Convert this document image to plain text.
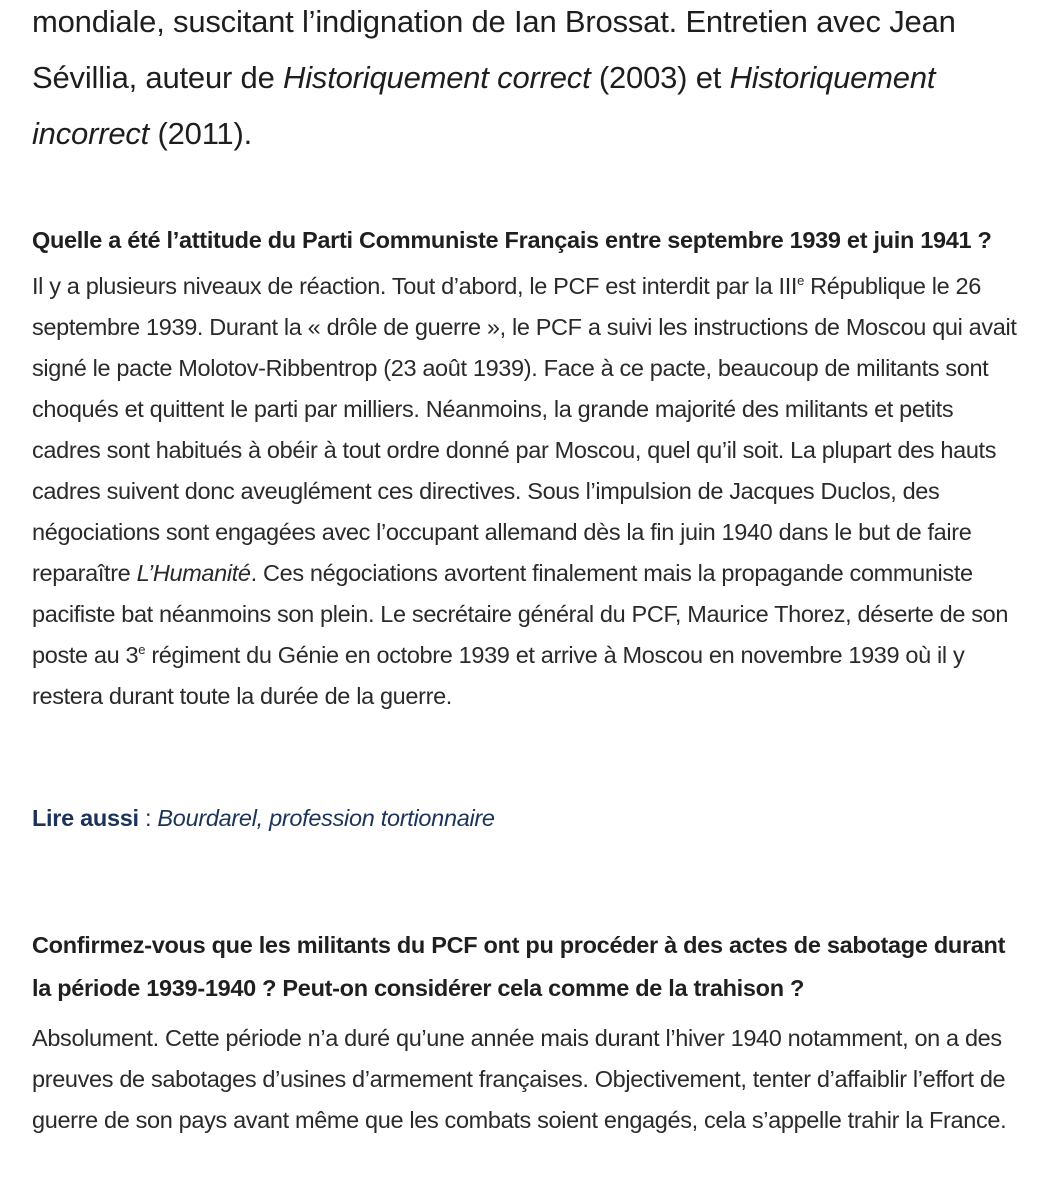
mondiale, suscitant l’indignation de Ian Brossat. Entretien avec Jean
Sévillia, auteur de Historiquement correct (2003) et Historiquement
incorrect (2011).

Quelle a été l’attitude du Parti Communiste Français entre septembre 1939 et juin 1941 ?

Il y a plusieurs niveaux de réaction. Tout d’abord, le PCF est interdit par la IIIe République le 26 septembre 1939. Durant la « drôle de guerre », le PCF a suivi les instructions de Moscou qui avait signé le pacte Molotov-Ribbentrop (23 août 1939). Face à ce pacte, beaucoup de militants sont choqués et quittent le parti par milliers. Néanmoins, la grande majorité des militants et petits cadres sont habitués à obéir à tout ordre donné par Moscou, quel qu’il soit. La plupart des hauts cadres suivent donc aveuglément ces directives. Sous l’impulsion de Jacques Duclos, des négociations sont engagées avec l’occupant allemand dès la fin juin 1940 dans le but de faire reparaître L’Humanité. Ces négociations avortent finalement mais la propagande communiste pacifiste bat néanmoins son plein. Le secrétaire général du PCF, Maurice Thorez, déserte de son poste au 3e régiment du Génie en octobre 1939 et arrive à Moscou en novembre 1939 où il y restera durant toute la durée de la guerre.

Lire aussi : Bourdarel, profession tortionnaire

Confirmez-vous que les militants du PCF ont pu procéder à des actes de sabotage durant la période 1939-1940 ? Peut-on considérer cela comme de la trahison ?

Absolument. Cette période n’a duré qu’une année mais durant l’hiver 1940 notamment, on a des preuves de sabotages d’usines d’armement françaises. Objectivement, tenter d’affaiblir l’effort de guerre de son pays avant même que les combats soient engagés, cela s’appelle trahir la France.
